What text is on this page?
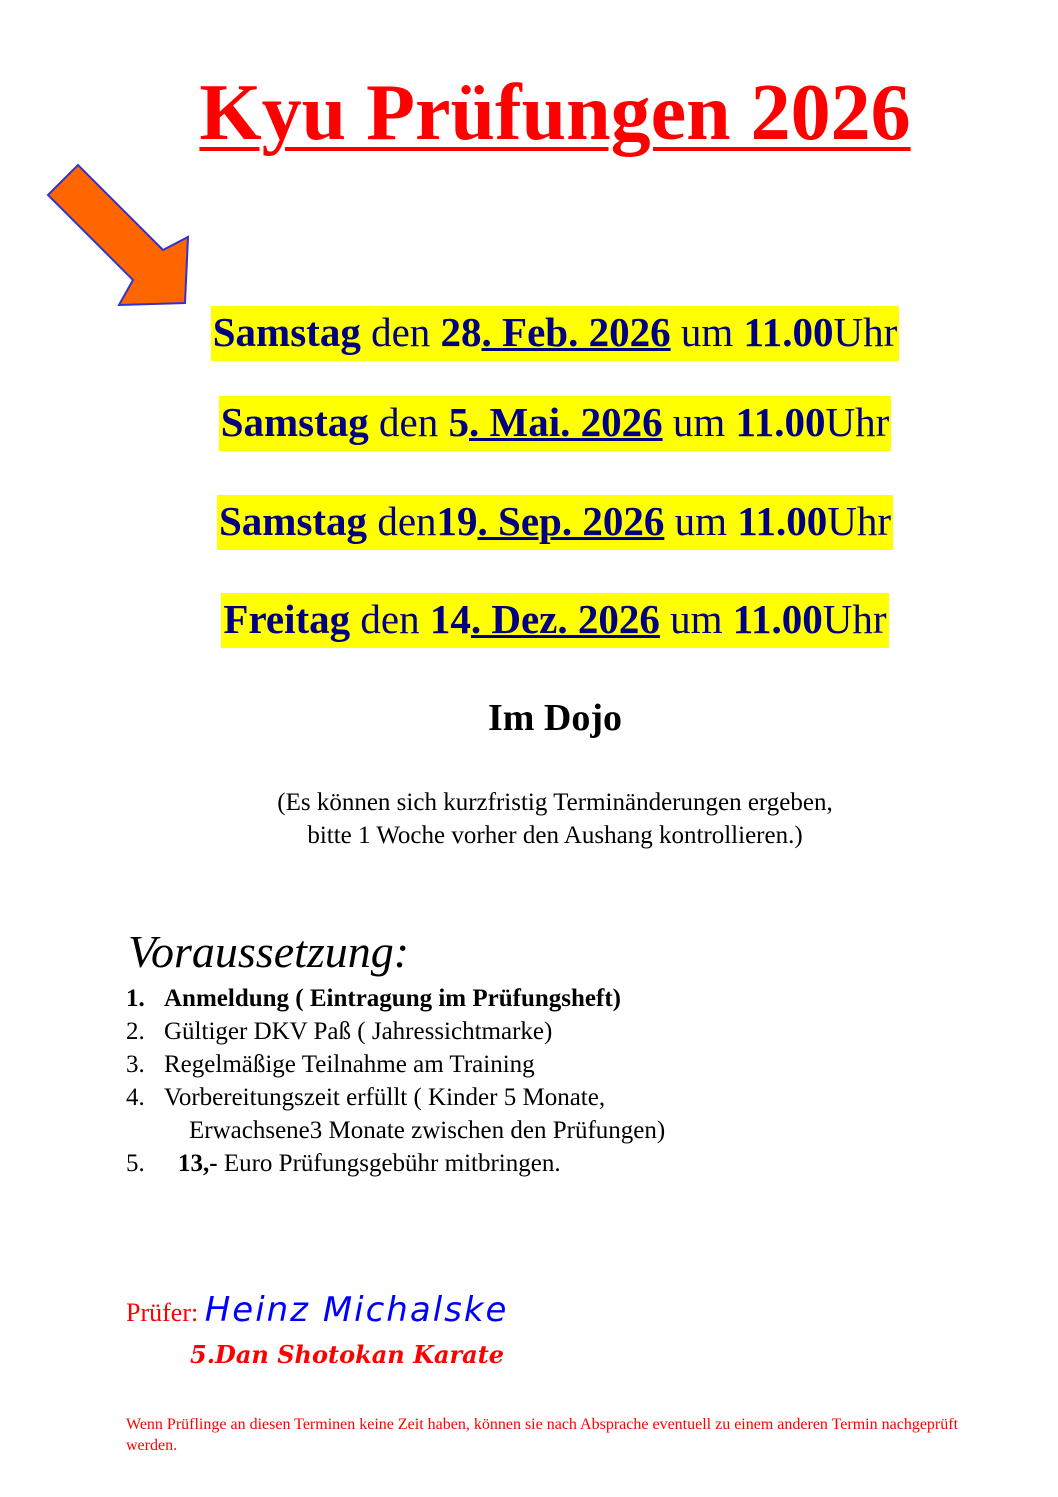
Kyu Prüfungen 2026
Samstag den 28. Feb. 2026 um 11.00Uhr
Samstag den 5. Mai. 2026 um 11.00Uhr
Samstag den19. Sep. 2026 um 11.00Uhr
Freitag den 14. Dez. 2026 um 11.00Uhr
Im Dojo
(Es können sich kurzfristig Terminänderungen ergeben,
bitte 1 Woche vorher den Aushang kontrollieren.)
Voraussetzung:
1. Anmeldung ( Eintragung im Prüfungsheft)
2. Gültiger DKV Paß ( Jahressichtmarke)
3. Regelmäßige Teilnahme am Training
4. Vorbereitungszeit erfüllt ( Kinder 5 Monate,
Erwachsene3 Monate zwischen den Prüfungen)
5. 13,- Euro Prüfungsgebühr mitbringen.
Prüfer: Heinz Michalske
5.Dan Shotokan Karate
Wenn Prüflinge an diesen Terminen keine Zeit haben, können sie nach Absprache eventuell zu einem anderen Termin nachgeprüft werden.
